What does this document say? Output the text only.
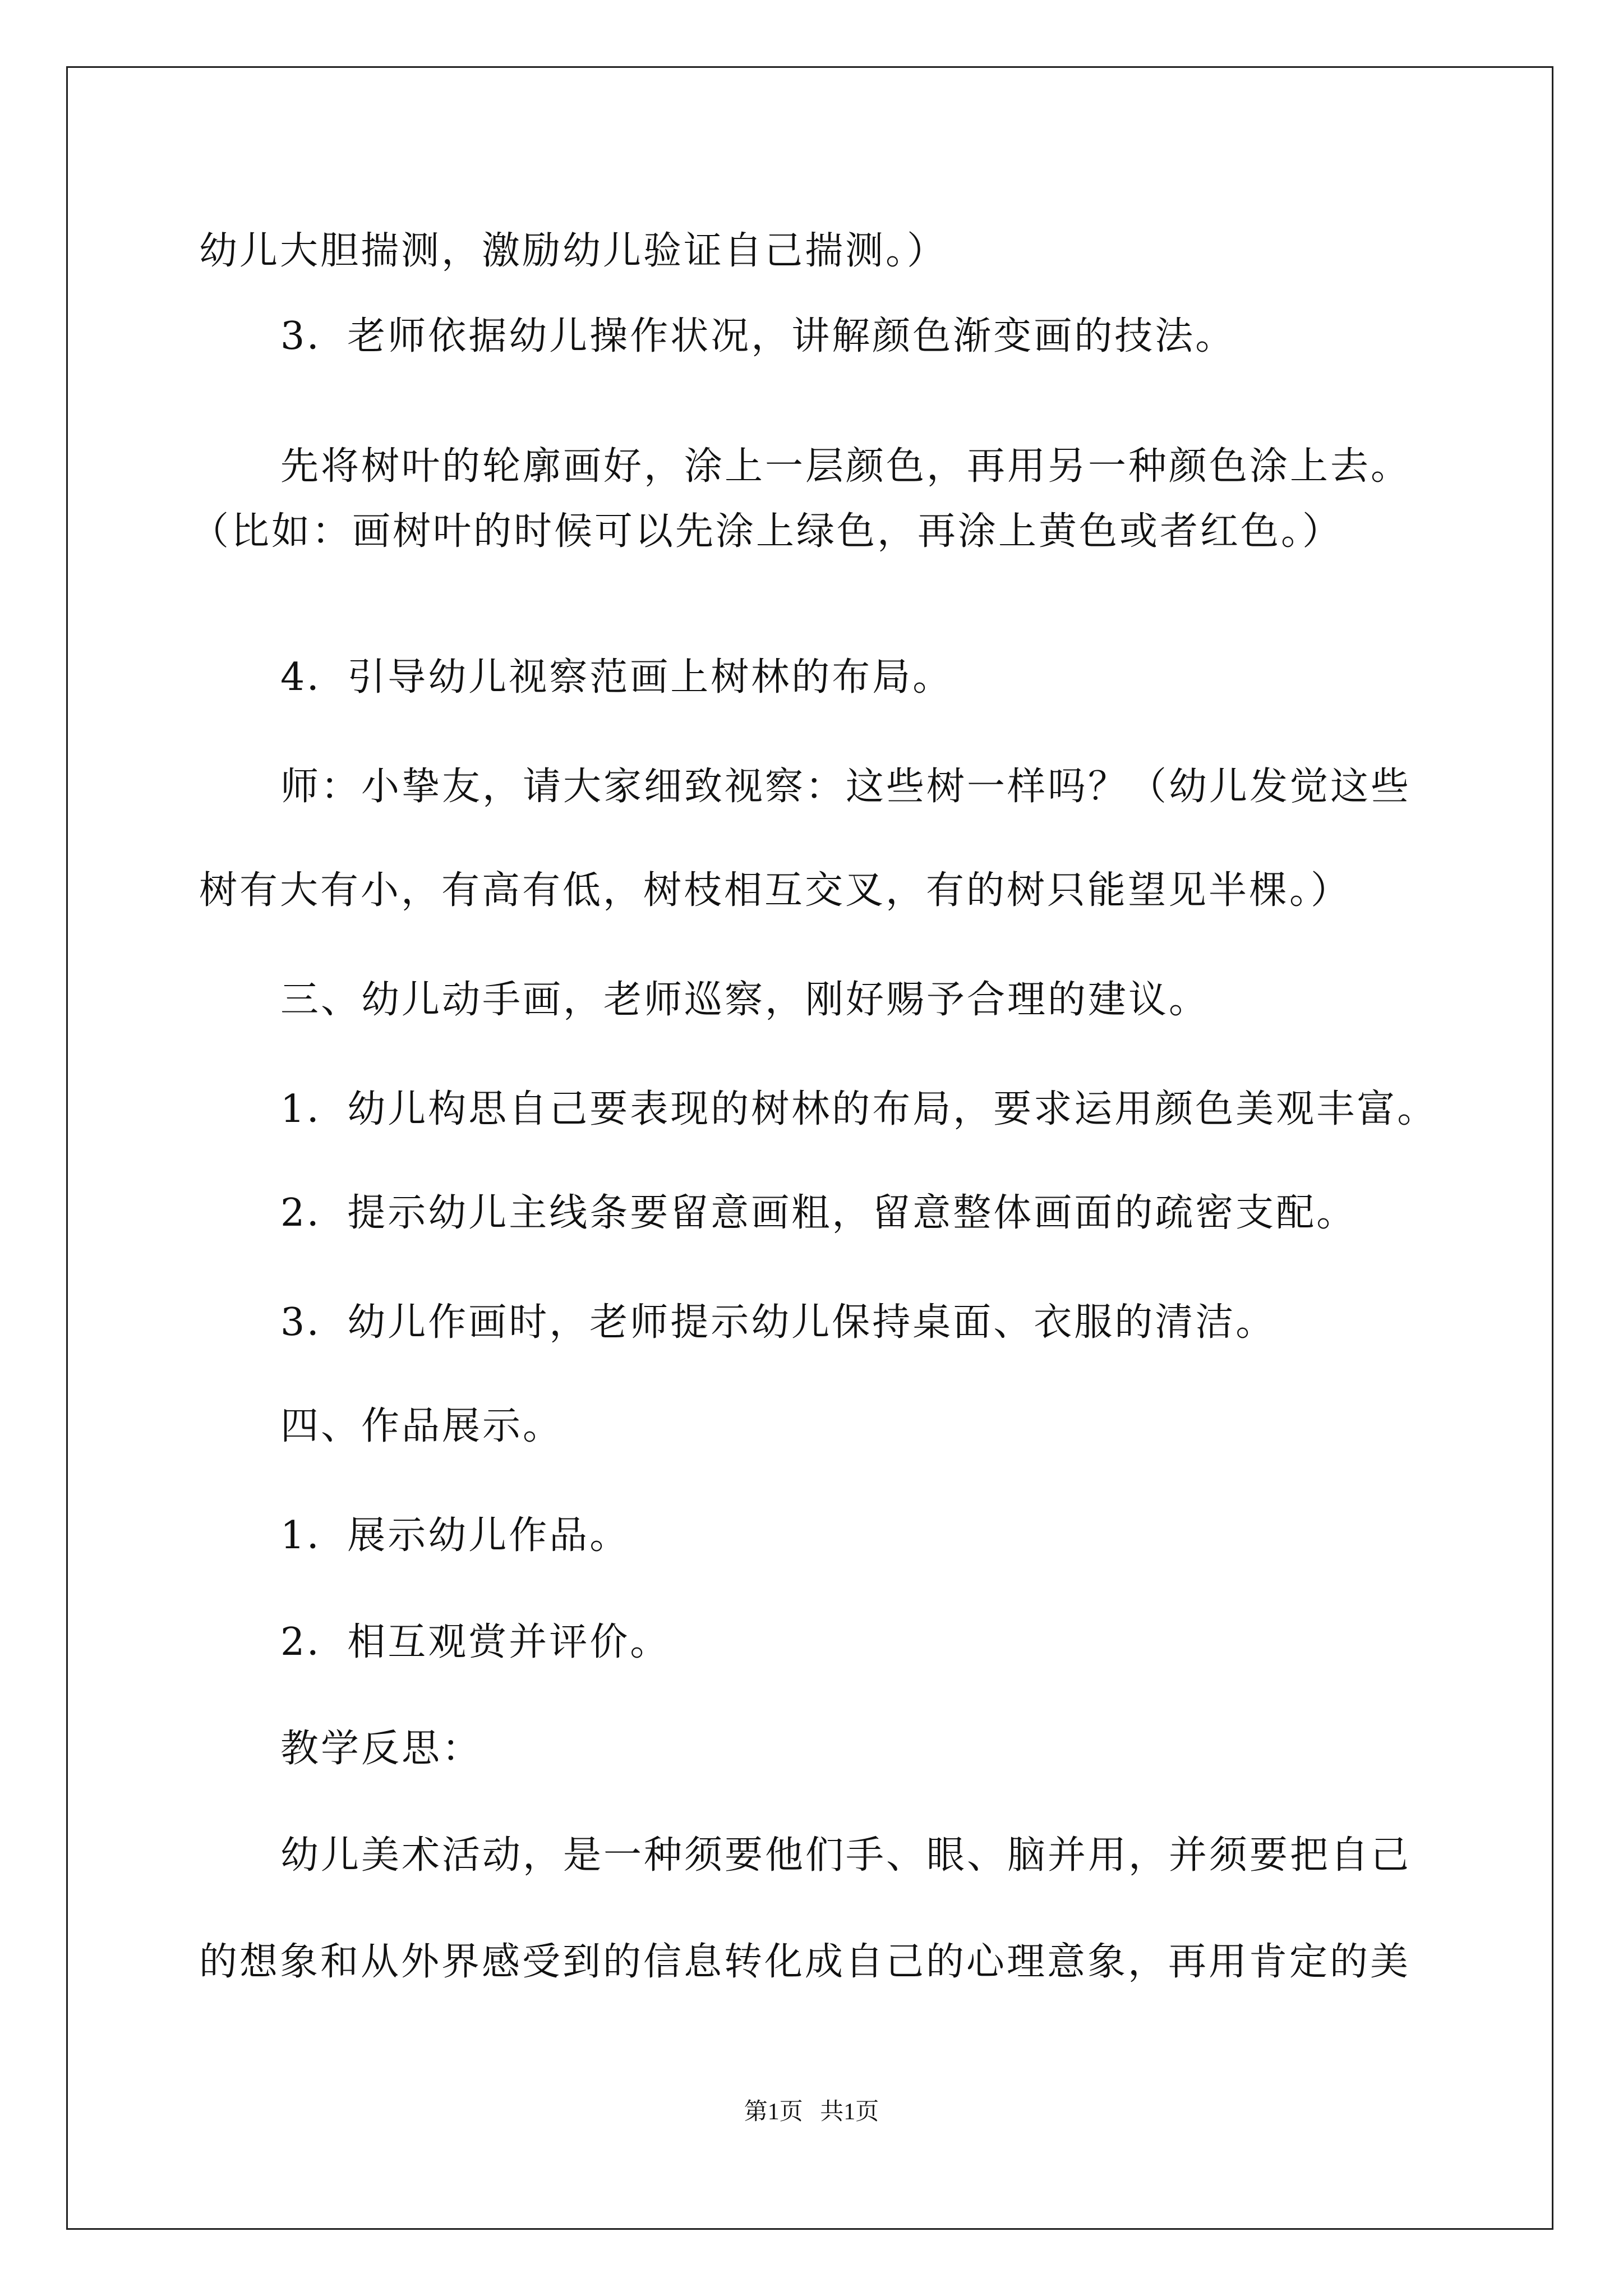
幼儿大胆揣测，激励幼儿验证自己揣测。）
3．老师依据幼儿操作状况，讲解颜色渐变画的技法。
先将树叶的轮廓画好，涂上一层颜色，再用另一种颜色涂上去。
（比如：画树叶的时候可以先涂上绿色，再涂上黄色或者红色。）
4．引导幼儿视察范画上树林的布局。
师：小挚友，请大家细致视察：这些树一样吗？（幼儿发觉这些
树有大有小，有高有低，树枝相互交叉，有的树只能望见半棵。）
三、幼儿动手画，老师巡察，刚好赐予合理的建议。
1．幼儿构思自己要表现的树林的布局，要求运用颜色美观丰富。
2．提示幼儿主线条要留意画粗，留意整体画面的疏密支配。
3．幼儿作画时，老师提示幼儿保持桌面、衣服的清洁。
四、作品展示。
1．展示幼儿作品。
2．相互观赏并评价。
教学反思：
幼儿美术活动，是一种须要他们手、眼、脑并用，并须要把自己
的想象和从外界感受到的信息转化成自己的心理意象，再用肯定的美
第1页 共1页
